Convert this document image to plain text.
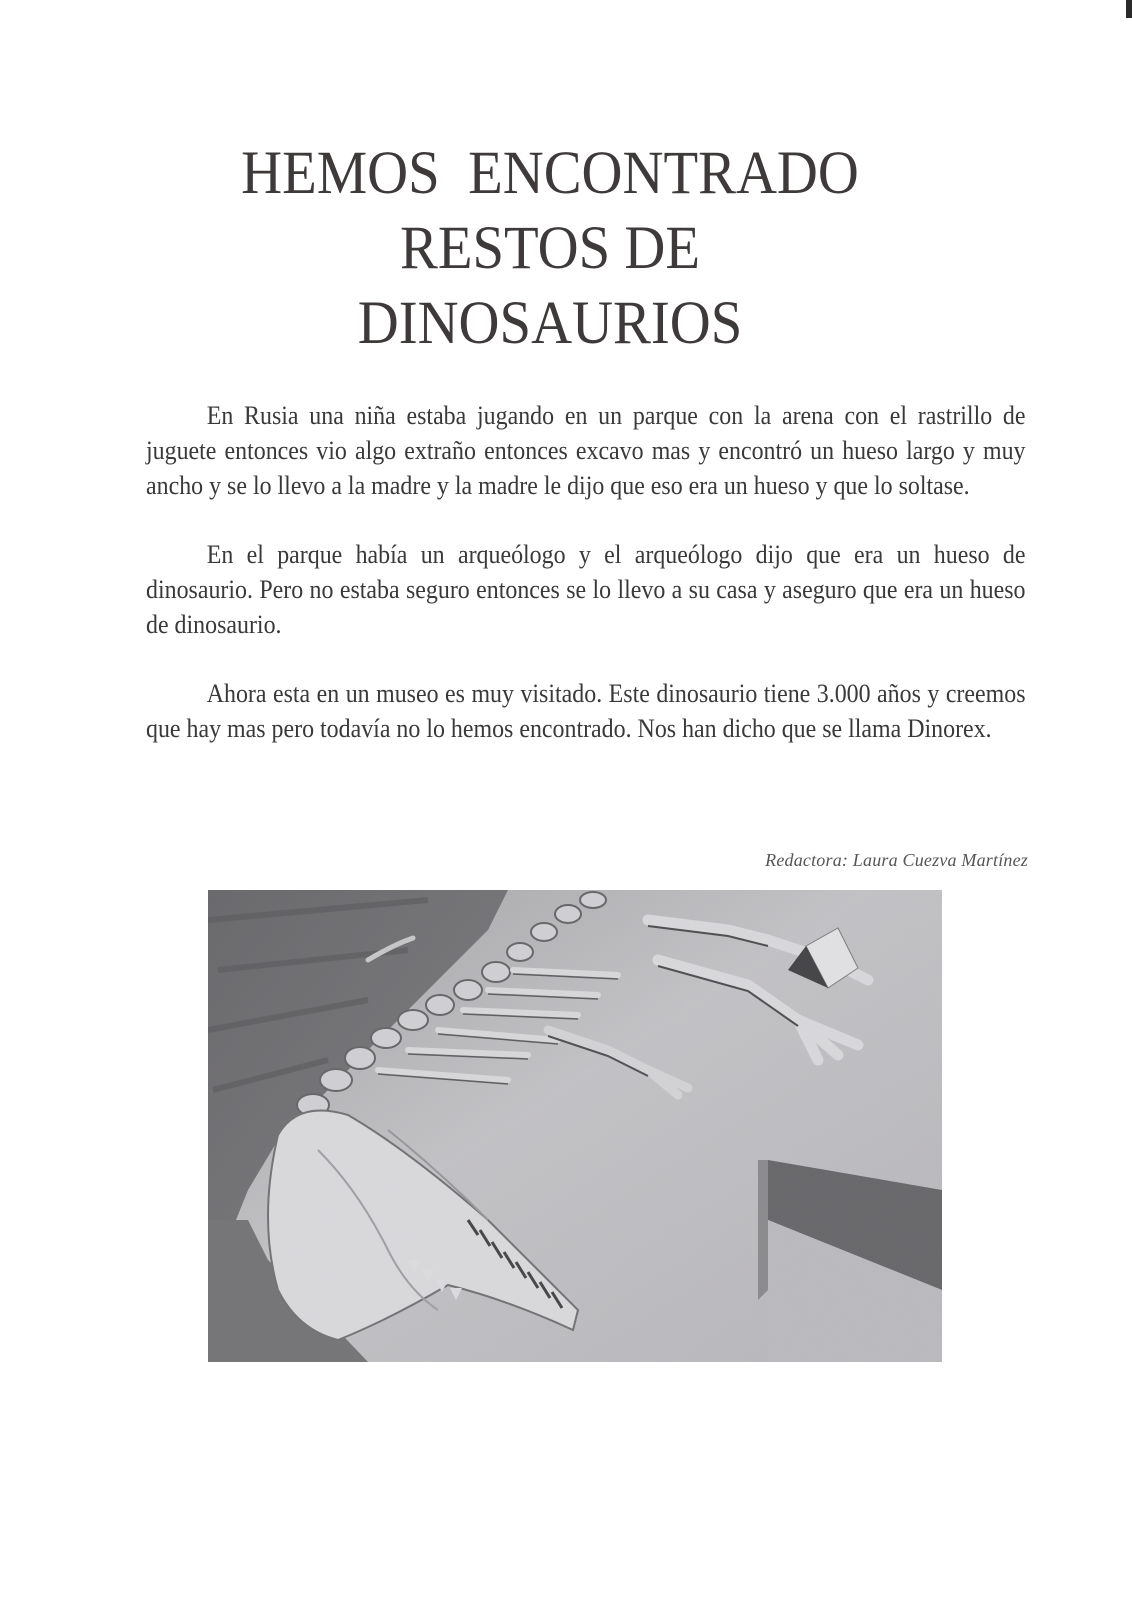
HEMOS  ENCONTRADO
RESTOS DE
DINOSAURIOS

En Rusia una niña estaba jugando en un parque con la arena con el rastrillo de juguete entonces vio algo extraño entonces excavo mas y encontró un hueso largo y muy ancho y se lo llevo a la madre y la madre le dijo que eso era un hueso y que lo soltase.

En el parque había un arqueólogo y el arqueólogo dijo que era un hueso de dinosaurio. Pero no estaba seguro entonces se lo llevo a su casa y aseguro que era un hueso de dinosaurio.

Ahora esta en un museo es muy visitado. Este dinosaurio tiene 3.000 años y creemos que hay mas pero todavía no lo hemos encontrado. Nos han dicho que se llama Dinorex.

Redactora: Laura Cuezva Martínez
